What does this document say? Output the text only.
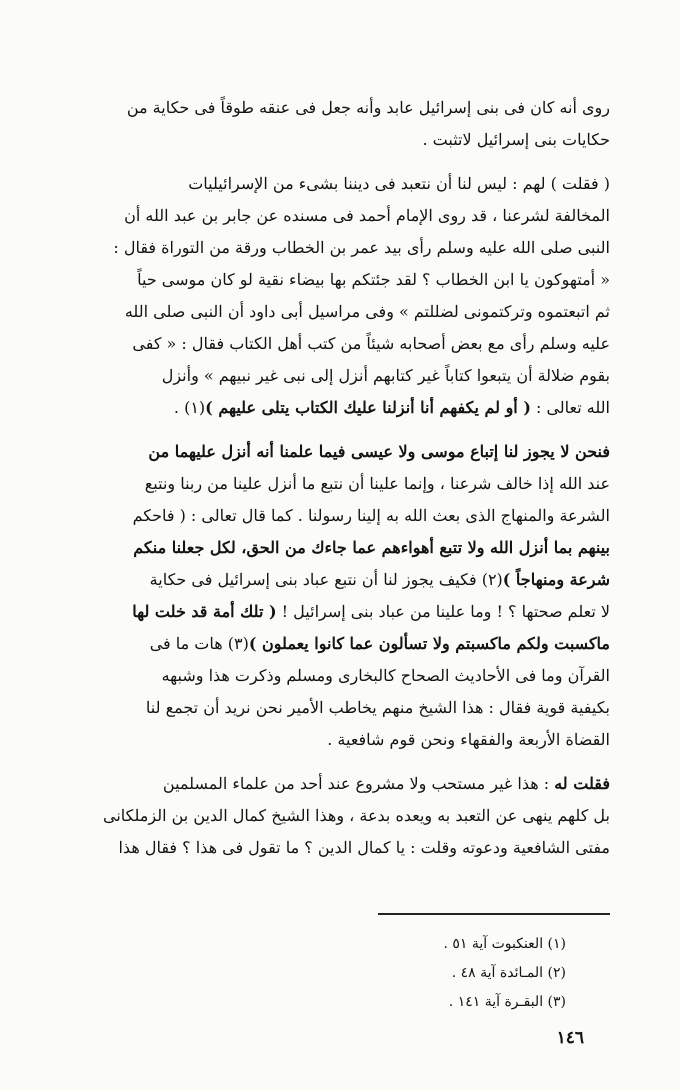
روى أنه كان فى بنى إسرائيل عابد وأنه جعل فى عنقه طوقاً فى حكاية من
حكايات بنى إسرائيل لاتثبت .

( فقلت ) لهم : ليس لنا أن نتعبد فى ديننا بشىء من الإسرائيليات
المخالفة لشرعنا ، قد روى الإمام أحمد فى مسنده عن جابر بن عبد الله أن
النبى صلى الله عليه وسلم رأى بيد عمر بن الخطاب ورقة من التوراة فقال :
« أمتهوكون يا ابن الخطاب ؟ لقد جئتكم بها بيضاء نقية لو كان موسى حياً
ثم اتبعتموه وتركتمونى لضللتم » وفى مراسيل أبى داود أن النبى صلى الله
عليه وسلم رأى مع بعض أصحابه شيئاً من كتب أهل الكتاب فقال : « كفى
بقوم ضلالة أن يتبعوا كتاباً غير كتابهم أنزل إلى نبى غير نبيهم » وأنزل
الله تعالى : ( أو لم يكفهم أنا أنزلنا عليك الكتاب يتلى عليهم )(١) .

فنحن لا يجوز لنا إتباع موسى ولا عيسى فيما علمنا أنه أنزل عليهما من
عند الله إذا خالف شرعنا ، وإنما علينا أن نتبع ما أنزل علينا من ربنا ونتبع
الشرعة والمنهاج الذى بعث الله به إلينا رسولنا . كما قال تعالى : ( فاحكم
بينهم بما أنزل الله ولا تتبع أهواءهم عما جاءك من الحق، لكل جعلنا منكم
شرعة ومنهاجاً )(٢) فكيف يجوز لنا أن نتبع عباد بنى إسرائيل فى حكاية
لا تعلم صحتها ؟ ! وما علينا من عباد بنى إسرائيل ! ( تلك أمة قد خلت لها
ماكسبت ولكم ماكسبتم ولا تسألون عما كانوا يعملون )(٣) هات ما فى
القرآن وما فى الأحاديث الصحاح كالبخارى ومسلم وذكرت هذا وشبهه
بكيفية قوية فقال : هذا الشيخ منهم يخاطب الأمير نحن نريد أن تجمع لنا
القضاة الأربعة والفقهاء ونحن قوم شافعية .

فقلت له : هذا غير مستحب ولا مشروع عند أحد من علماء المسلمين
بل كلهم ينهى عن التعبد به ويعده بدعة ، وهذا الشيخ كمال الدين بن الزملكانى
مفتى الشافعية ودعوته وقلت : يا كمال الدين ؟ ما تقول فى هذا ؟ فقال هذا

(١) العنكبوت آية ٥١ .
(٢) المـائدة آية ٤٨ .
(٣) البقـرة آية ١٤١ .
١٤٦
